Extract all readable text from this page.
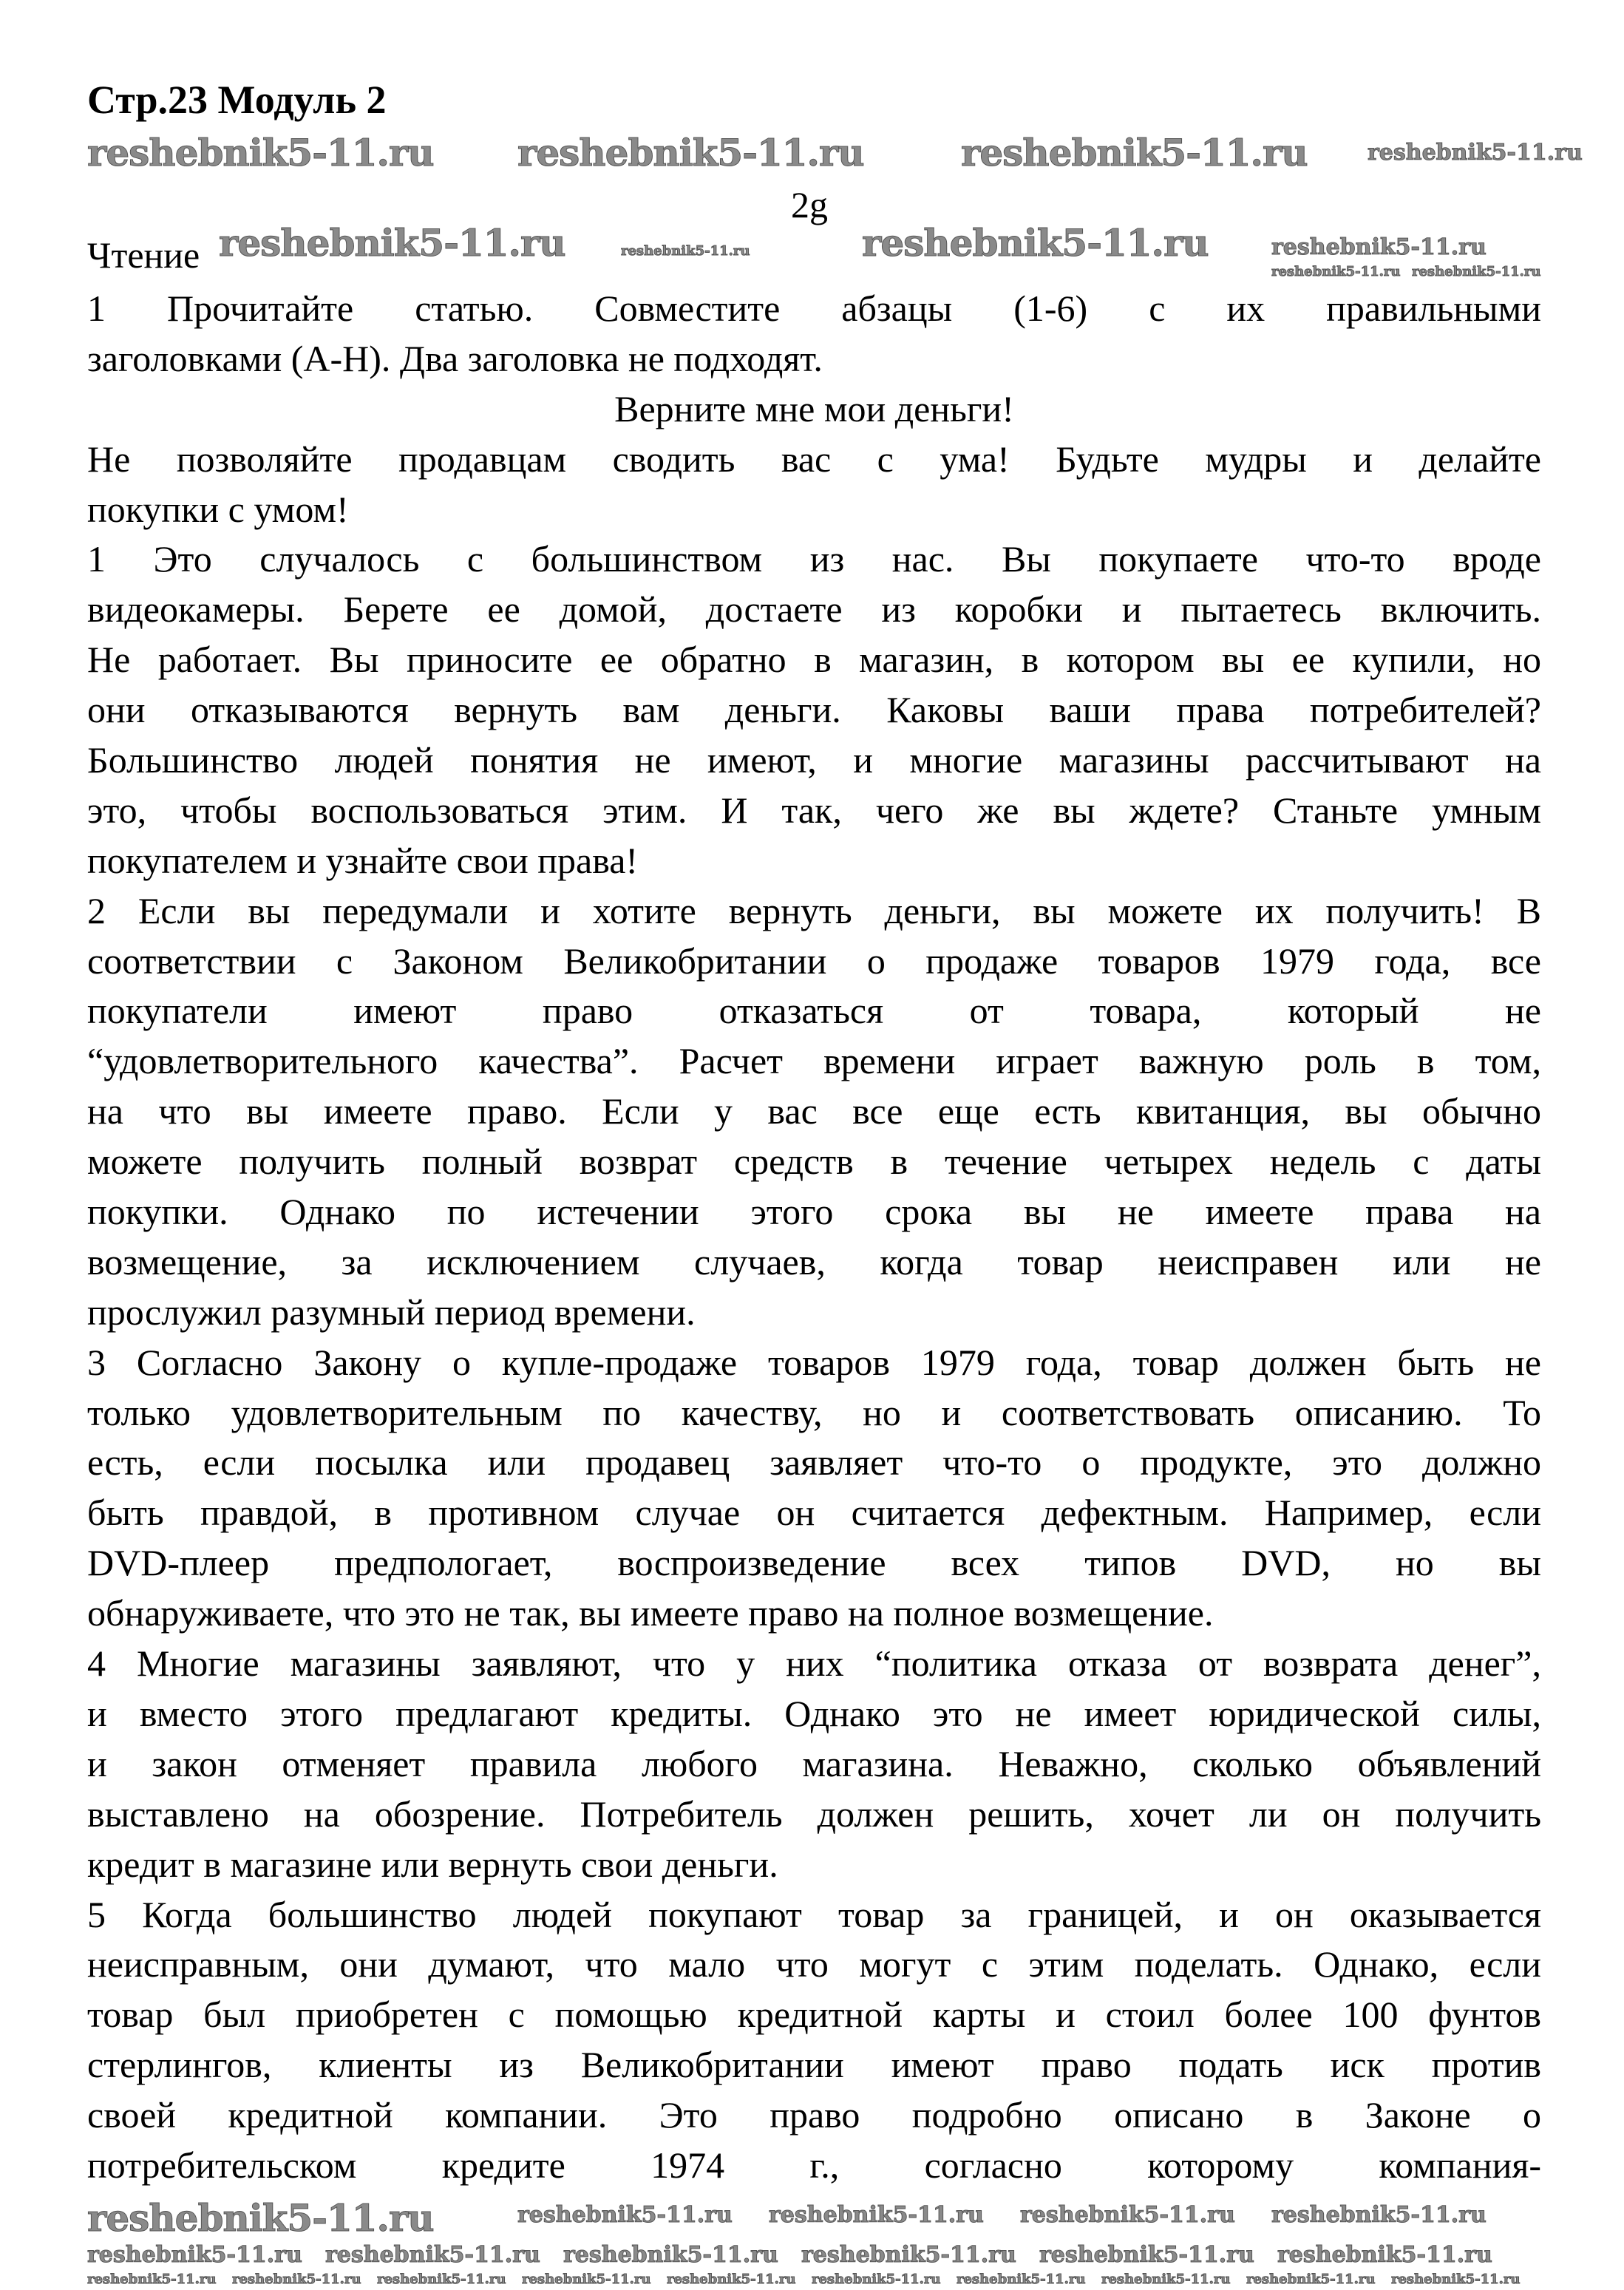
Стр.23 Модуль 2
2g
Чтение
1 Прочитайте статью. Совместите абзацы (1-6) с их правильными
заголовками (А-Н). Два заголовка не подходят.
Верните мне мои деньги!
Не позволяйте продавцам сводить вас с ума! Будьте мудры и делайте
покупки с умом!
1 Это случалось с большинством из нас. Вы покупаете что-то вроде
видеокамеры. Берете ее домой, достаете из коробки и пытаетесь включить.
Не работает. Вы приносите ее обратно в магазин, в котором вы ее купили, но
они отказываются вернуть вам деньги. Каковы ваши права потребителей?
Большинство людей понятия не имеют, и многие магазины рассчитывают на
это, чтобы воспользоваться этим. И так, чего же вы ждете? Станьте умным
покупателем и узнайте свои права!
2 Если вы передумали и хотите вернуть деньги, вы можете их получить! В
соответствии с Законом Великобритании о продаже товаров 1979 года, все
покупатели имеют право отказаться от товара, который не
“удовлетворительного качества”. Расчет времени играет важную роль в том,
на что вы имеете право. Если у вас все еще есть квитанция, вы обычно
можете получить полный возврат средств в течение четырех недель с даты
покупки. Однако по истечении этого срока вы не имеете права на
возмещение, за исключением случаев, когда товар неисправен или не
прослужил разумный период времени.
3 Согласно Закону о купле-продаже товаров 1979 года, товар должен быть не
только удовлетворительным по качеству, но и соответствовать описанию. То
есть, если посылка или продавец заявляет что-то о продукте, это должно
быть правдой, в противном случае он считается дефектным. Например, если
DVD-плеер предпологает, воспроизведение всех типов DVD, но вы
обнаруживаете, что это не так, вы имеете право на полное возмещение.
4 Многие магазины заявляют, что у них “политика отказа от возврата денег”,
и вместо этого предлагают кредиты. Однако это не имеет юридической силы,
и закон отменяет правила любого магазина. Неважно, сколько объявлений
выставлено на обозрение. Потребитель должен решить, хочет ли он получить
кредит в магазине или вернуть свои деньги.
5 Когда большинство людей покупают товар за границей, и он оказывается
неисправным, они думают, что мало что могут с этим поделать. Однако, если
товар был приобретен с помощью кредитной карты и стоил более 100 фунтов
стерлингов, клиенты из Великобритании имеют право подать иск против
своей кредитной компании. Это право подробно описано в Законе о
потребительском кредите 1974 г., согласно которому компания-
reshebnik5-11.ru reshebnik5-11.ru	reshebnik5-11.ru	reshebnik5-11.ru
reshebnik5-11.ru	reshebnik5-11.ru	reshebnik5-11.ru
reshebnik5-11.ru
reshebnik5-11.ru reshebnik5-11.ru
reshebnik5-11.ru	reshebnik5-11.ru reshebnik5-11.ru reshebnik5-11.ru reshebnik5-11.ru
reshebnik5-11.ru reshebnik5-11.ru reshebnik5-11.ru reshebnik5-11.ru reshebnik5-11.ru reshebnik5-11.ru
reshebnik5-11.ru reshebnik5-11.ru reshebnik5-11.ru reshebnik5-11.ru reshebnik5-11.ru reshebnik5-11.ru reshebnik5-11.ru reshebnik5-11.ru reshebnik5-11.ru reshebnik5-11.ru
